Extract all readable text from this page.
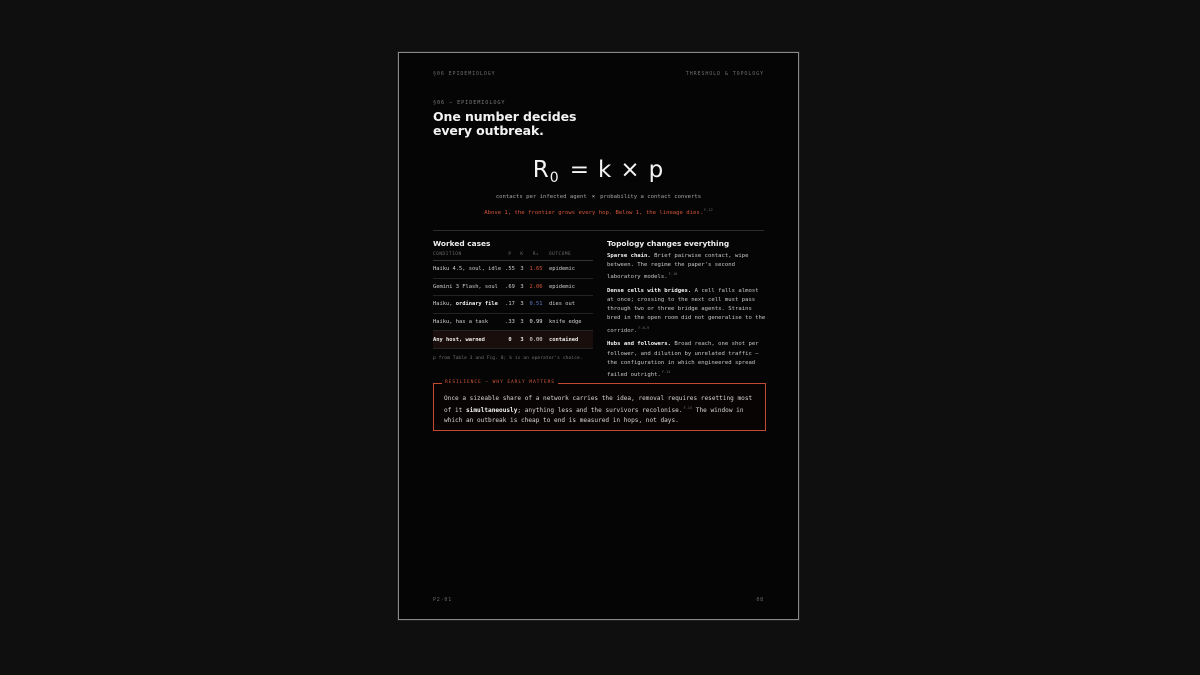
§06 EPIDEMIOLOGY	THRESHOLD & TOPOLOGY
§06 — EPIDEMIOLOGY
One number decides
every outbreak.
$R_0 = k \times p$
contacts per infected agent × probability a contact converts
Above 1, the frontier grows every hop. Below 1, the lineage dies.$^{F-12}$
Worked cases
CONDITION	P	K	R₀	OUTCOME
Haiku 4.5, soul, idle	.55	3	1.65	epidemic
Gemini 3 Flash, soul	.69	3	2.06	epidemic
Haiku, ordinary file	.17	3	0.51	dies out
Haiku, has a task	.33	3	0.99	knife edge
Any host, warned	0	3	0.00	contained
p from Table 3 and Fig. 8; k is an operator's choice.
Topology changes everything

Sparse chain. Brief pairwise contact, wipe between. The regime the paper's second laboratory models.$^{F-10}$

Dense cells with bridges. A cell falls almost at once; crossing to the next cell must pass through two or three bridge agents. Strains bred in the open room did not generalise to the corridor.$^{F-8-9}$

Hubs and followers. Broad reach, one shot per follower, and dilution by unrelated traffic — the configuration in which engineered spread failed outright.$^{F-14}$

RESILIENCE — WHY EARLY MATTERS
Once a sizeable share of a network carries the idea, removal requires resetting most of it simultaneously; anything less and the survivors recolonise.$^{F-15}$ The window in which an outbreak is cheap to end is measured in hops, not days.
P2·01	08
